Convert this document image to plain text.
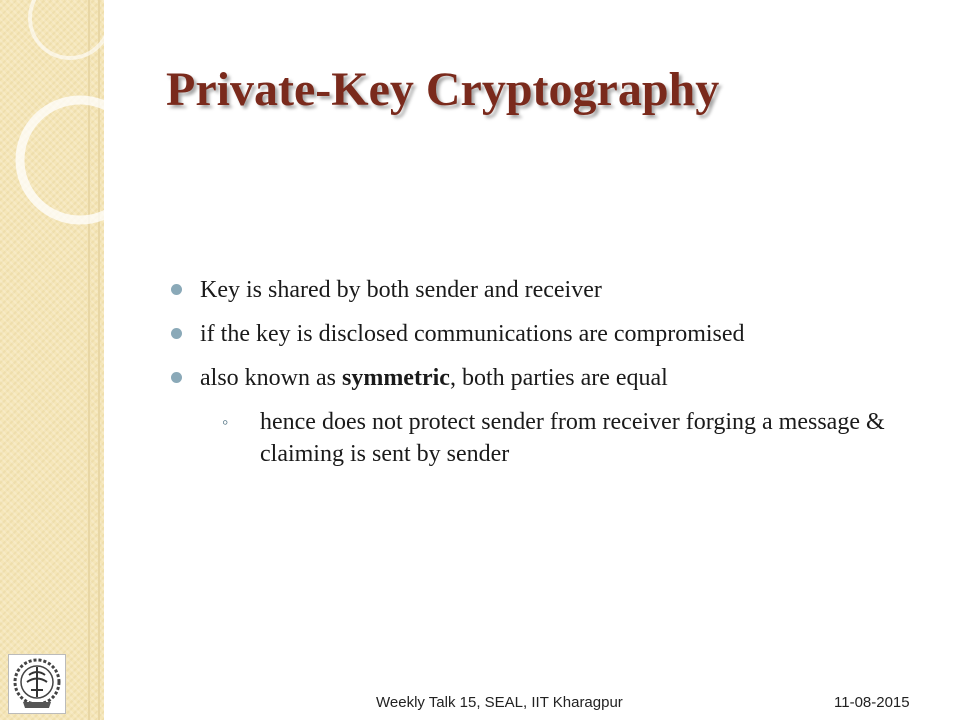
Private-Key Cryptography
Key is shared by both sender and receiver
if the key is disclosed communications are compromised
also known as symmetric, both parties are equal
◦ hence does not protect sender from receiver forging a message & claiming is sent by sender
Weekly Talk 15, SEAL, IIT Kharagpur	11-08-2015
